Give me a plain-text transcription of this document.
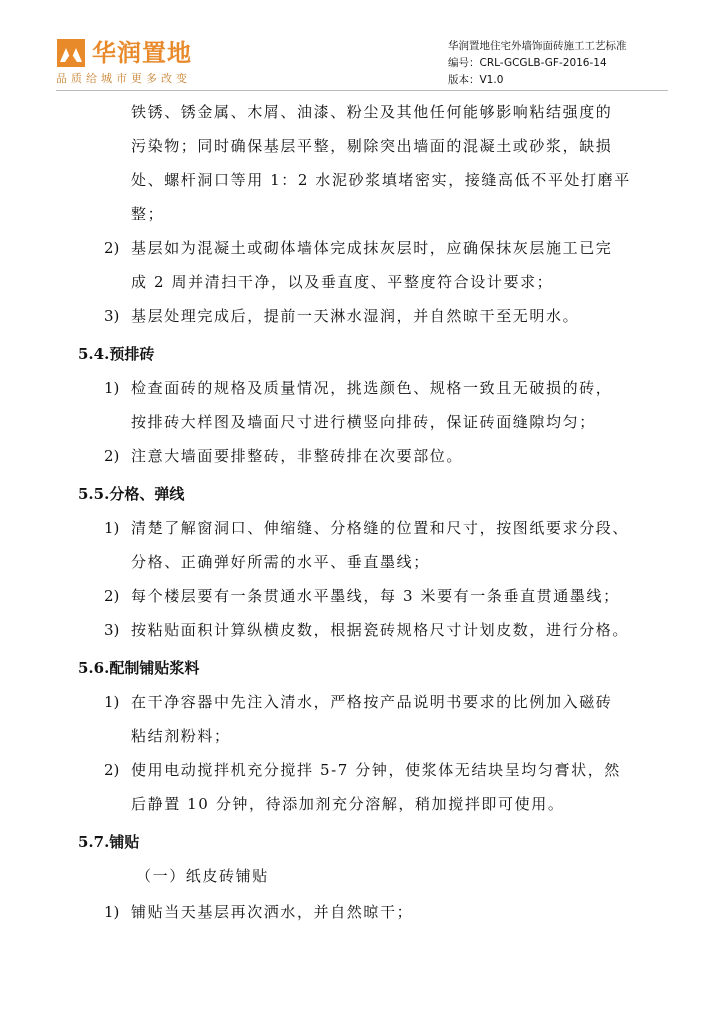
华润置地
品质给城市更多改变
华润置地住宅外墙饰面砖施工工艺标准
编号：CRL-GCGLB-GF-2016-14
版本：V1.0
铁锈、锈金属、木屑、油漆、粉尘及其他任何能够影响粘结强度的
污染物；同时确保基层平整，剔除突出墙面的混凝土或砂浆，缺损
处、螺杆洞口等用 1：2 水泥砂浆填堵密实，接缝高低不平处打磨平
整；
2) 基层如为混凝土或砌体墙体完成抹灰层时，应确保抹灰层施工已完
成 2 周并清扫干净，以及垂直度、平整度符合设计要求；
3) 基层处理完成后，提前一天淋水湿润，并自然晾干至无明水。
5.4.预排砖
1) 检查面砖的规格及质量情况，挑选颜色、规格一致且无破损的砖，
按排砖大样图及墙面尺寸进行横竖向排砖，保证砖面缝隙均匀；
2) 注意大墙面要排整砖，非整砖排在次要部位。
5.5.分格、弹线
1) 清楚了解窗洞口、伸缩缝、分格缝的位置和尺寸，按图纸要求分段、
分格、正确弹好所需的水平、垂直墨线；
2) 每个楼层要有一条贯通水平墨线，每 3 米要有一条垂直贯通墨线；
3) 按粘贴面积计算纵横皮数，根据瓷砖规格尺寸计划皮数，进行分格。
5.6.配制铺贴浆料
1) 在干净容器中先注入清水，严格按产品说明书要求的比例加入磁砖
粘结剂粉料；
2) 使用电动搅拌机充分搅拌 5-7 分钟，使浆体无结块呈均匀膏状，然
后静置 10 分钟，待添加剂充分溶解，稍加搅拌即可使用。
5.7.铺贴
（一）纸皮砖铺贴
1) 铺贴当天基层再次洒水，并自然晾干；
